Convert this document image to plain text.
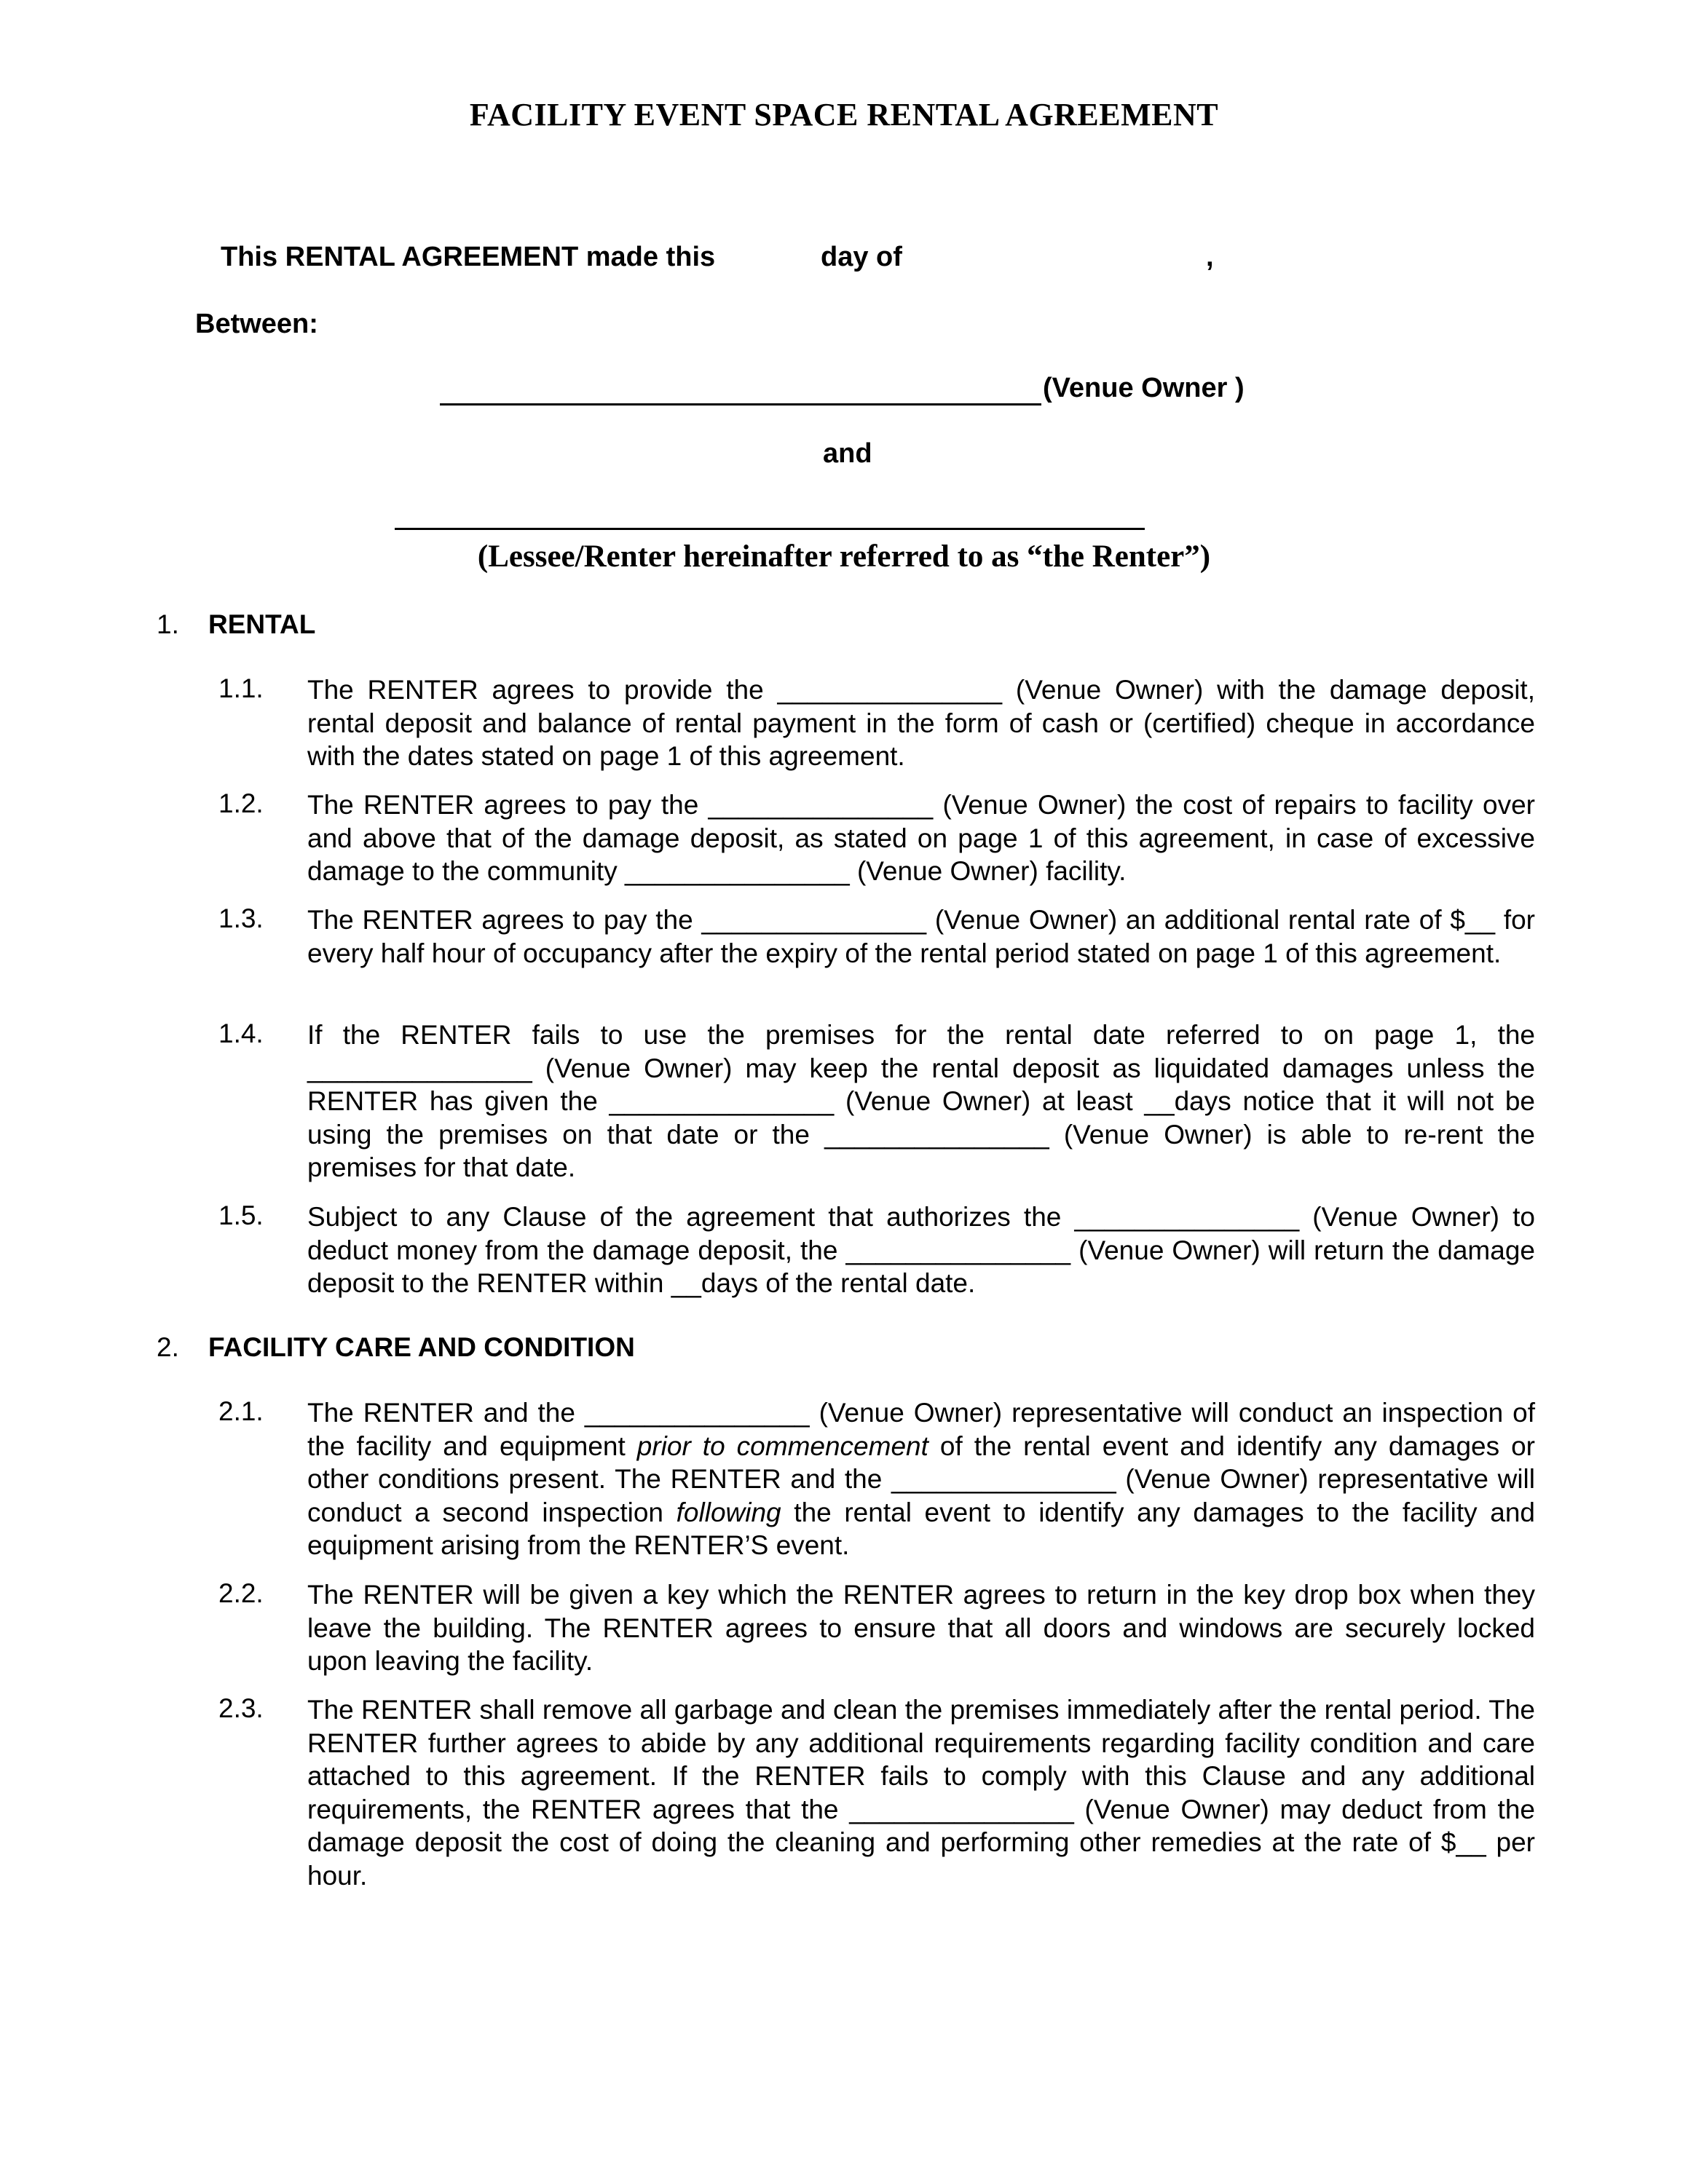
FACILITY EVENT SPACE RENTAL AGREEMENT
This RENTAL AGREEMENT made this	day of	,
Between:
(Venue Owner )
and
(Lessee/Renter hereinafter referred to as “the Renter”)
1. RENTAL
1.1. The RENTER agrees to provide the _______________ (Venue Owner) with the damage deposit, rental deposit and balance of rental payment in the form of cash or (certified) cheque in accordance with the dates stated on page 1 of this agreement.
1.2. The RENTER agrees to pay the _______________ (Venue Owner) the cost of repairs to facility over and above that of the damage deposit, as stated on page 1 of this agreement, in case of excessive damage to the community _______________ (Venue Owner) facility.
1.3. The RENTER agrees to pay the _______________ (Venue Owner) an additional rental rate of $__ for every half hour of occupancy after the expiry of the rental period stated on page 1 of this agreement.
1.4. If the RENTER fails to use the premises for the rental date referred to on page 1, the _______________ (Venue Owner) may keep the rental deposit as liquidated damages unless the RENTER has given the _______________ (Venue Owner) at least __days notice that it will not be using the premises on that date or the _______________ (Venue Owner) is able to re-rent the premises for that date.
1.5. Subject to any Clause of the agreement that authorizes the _______________ (Venue Owner) to deduct money from the damage deposit, the _______________ (Venue Owner) will return the damage deposit to the RENTER within __days of the rental date.
2. FACILITY CARE AND CONDITION
2.1. The RENTER and the _______________ (Venue Owner) representative will conduct an inspection of the facility and equipment prior to commencement of the rental event and identify any damages or other conditions present. The RENTER and the _______________ (Venue Owner) representative will conduct a second inspection following the rental event to identify any damages to the facility and equipment arising from the RENTER’S event.

2.2. The RENTER will be given a key which the RENTER agrees to return in the key drop box when they leave the building. The RENTER agrees to ensure that all doors and windows are securely locked upon leaving the facility.
2.3. The RENTER shall remove all garbage and clean the premises immediately after the rental period. The RENTER further agrees to abide by any additional requirements regarding facility condition and care attached to this agreement. If the RENTER fails to comply with this Clause and any additional requirements, the RENTER agrees that the _______________ (Venue Owner) may deduct from the damage deposit the cost of doing the cleaning and performing other remedies at the rate of $__ per hour.
